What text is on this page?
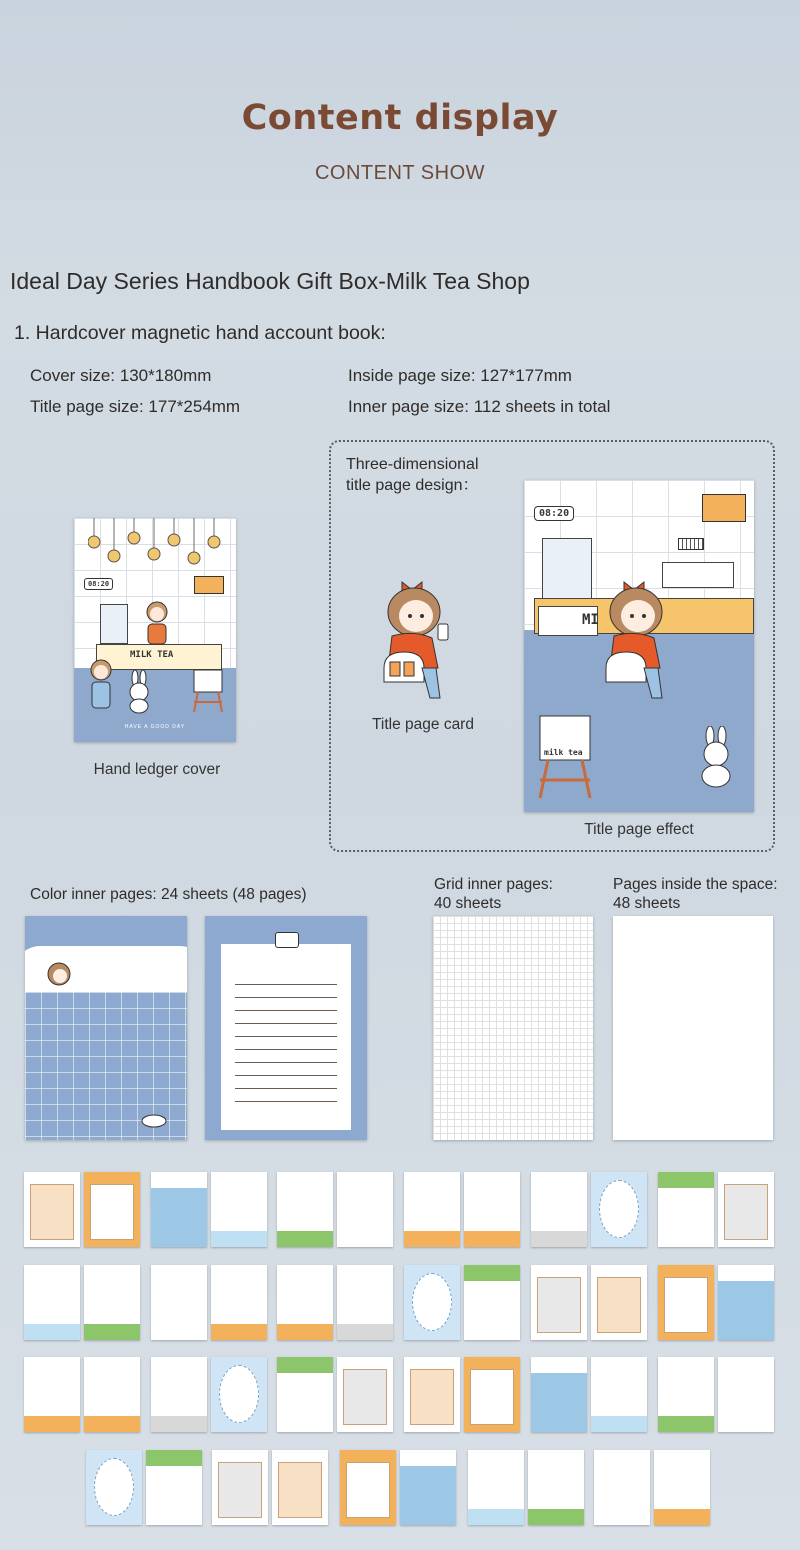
Content display
CONTENT SHOW
Ideal Day Series Handbook Gift Box-Milk Tea Shop
1. Hardcover magnetic hand account book:
Cover size: 130*180mm	Inside page size: 127*177mm
Title page size: 177*254mm	Inner page size: 112 sheets in total
08:20
MILK TEA
HAVE A GOOD DAY
Hand ledger cover
Three-dimensional
title page design：
Title page card
08:20
MI
milk tea
Title page effect
Color inner pages: 24 sheets (48 pages)
Grid inner pages:
40 sheets
Pages inside the space:
48 sheets
